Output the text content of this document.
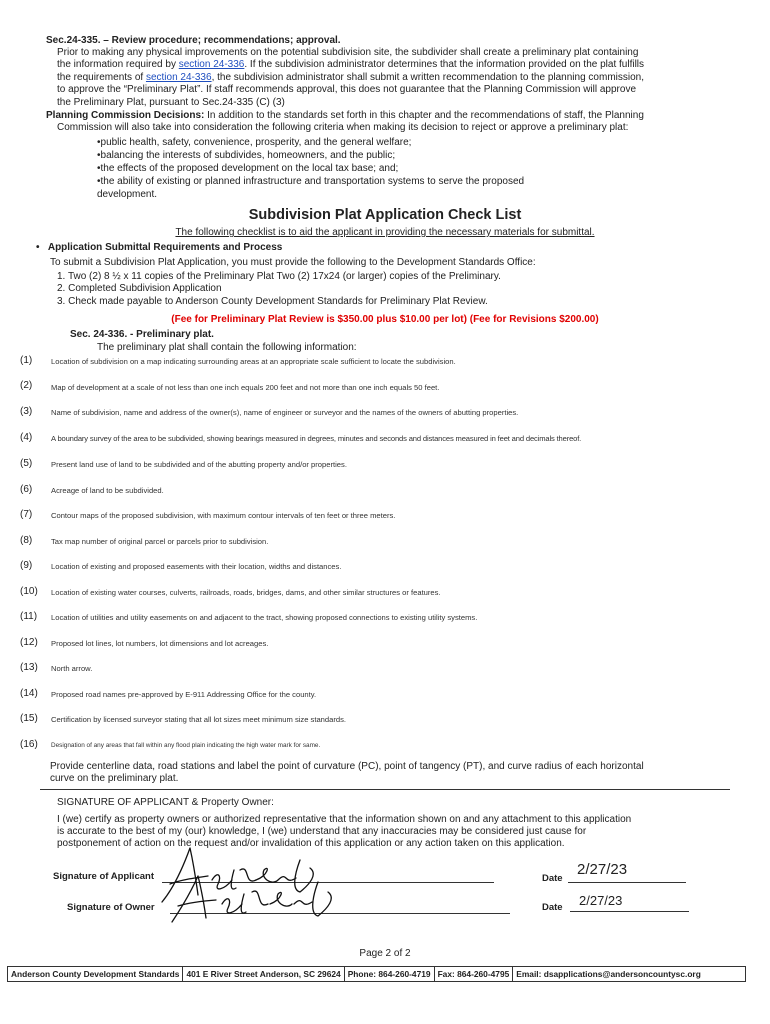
Sec.24-335. – Review procedure; recommendations; approval.
Prior to making any physical improvements on the potential subdivision site, the subdivider shall create a preliminary plat containing
the information required by section 24-336. If the subdivision administrator determines that the information provided on the plat fulfills
the requirements of section 24-336, the subdivision administrator shall submit a written recommendation to the planning commission,
to approve the “Preliminary Plat”. If staff recommends approval, this does not guarantee that the Planning Commission will approve
the Preliminary Plat, pursuant to Sec.24-335 (C) (3)
Planning Commission Decisions: In addition to the standards set forth in this chapter and the recommendations of staff, the Planning
Commission will also take into consideration the following criteria when making its decision to reject or approve a preliminary plat:
•public health, safety, convenience, prosperity, and the general welfare;
•balancing the interests of subdivides, homeowners, and the public;
•the effects of the proposed development on the local tax base; and;
•the ability of existing or planned infrastructure and transportation systems to serve the proposed
development.
Subdivision Plat Application Check List
The following checklist is to aid the applicant in providing the necessary materials for submittal.
•   Application Submittal Requirements and Process
To submit a Subdivision Plat Application, you must provide the following to the Development Standards Office:
1. Two (2) 8 ½ x 11 copies of the Preliminary Plat Two (2) 17x24 (or larger) copies of the Preliminary.
2. Completed Subdivision Application
3. Check made payable to Anderson County Development Standards for Preliminary Plat Review.
(Fee for Preliminary Plat Review is $350.00 plus $10.00 per lot) (Fee for Revisions $200.00)
Sec. 24-336. - Preliminary plat.
The preliminary plat shall contain the following information:
(1) Location of subdivision on a map indicating surrounding areas at an appropriate scale sufficient to locate the subdivision.
(2) Map of development at a scale of not less than one inch equals 200 feet and not more than one inch equals 50 feet.
(3) Name of subdivision, name and address of the owner(s), name of engineer or surveyor and the names of the owners of abutting properties.
(4) A boundary survey of the area to be subdivided, showing bearings measured in degrees, minutes and seconds and distances measured in feet and decimals thereof.
(5) Present land use of land to be subdivided and of the abutting property and/or properties.
(6) Acreage of land to be subdivided.
(7) Contour maps of the proposed subdivision, with maximum contour intervals of ten feet or three meters.
(8) Tax map number of original parcel or parcels prior to subdivision.
(9) Location of existing and proposed easements with their location, widths and distances.
(10) Location of existing water courses, culverts, railroads, roads, bridges, dams, and other similar structures or features.
(11) Location of utilities and utility easements on and adjacent to the tract, showing proposed connections to existing utility systems.
(12) Proposed lot lines, lot numbers, lot dimensions and lot acreages.
(13) North arrow.
(14) Proposed road names pre-approved by E-911 Addressing Office for the county.
(15) Certification by licensed surveyor stating that all lot sizes meet minimum size standards.
(16) Designation of any areas that fall within any flood plain indicating the high water mark for same.
Provide centerline data, road stations and label the point of curvature (PC), point of tangency (PT), and curve radius of each horizontal
curve on the preliminary plat.
SIGNATURE OF APPLICANT & Property Owner:
I (we) certify as property owners or authorized representative that the information shown on and any attachment to this application
is accurate to the best of my (our) knowledge, I (we) understand that any inaccuracies may be considered just cause for
postponement of action on the request and/or invalidation of this application or any action taken on this application.
Signature of Applicant	Date
2/27/23
Signature of Owner	Date 2/27/23
Page 2 of 2
Anderson County Development Standards 401 E River Street Anderson, SC 29624 Phone: 864-260-4719 Fax: 864-260-4795 Email: dsapplications@andersoncountysc.org
